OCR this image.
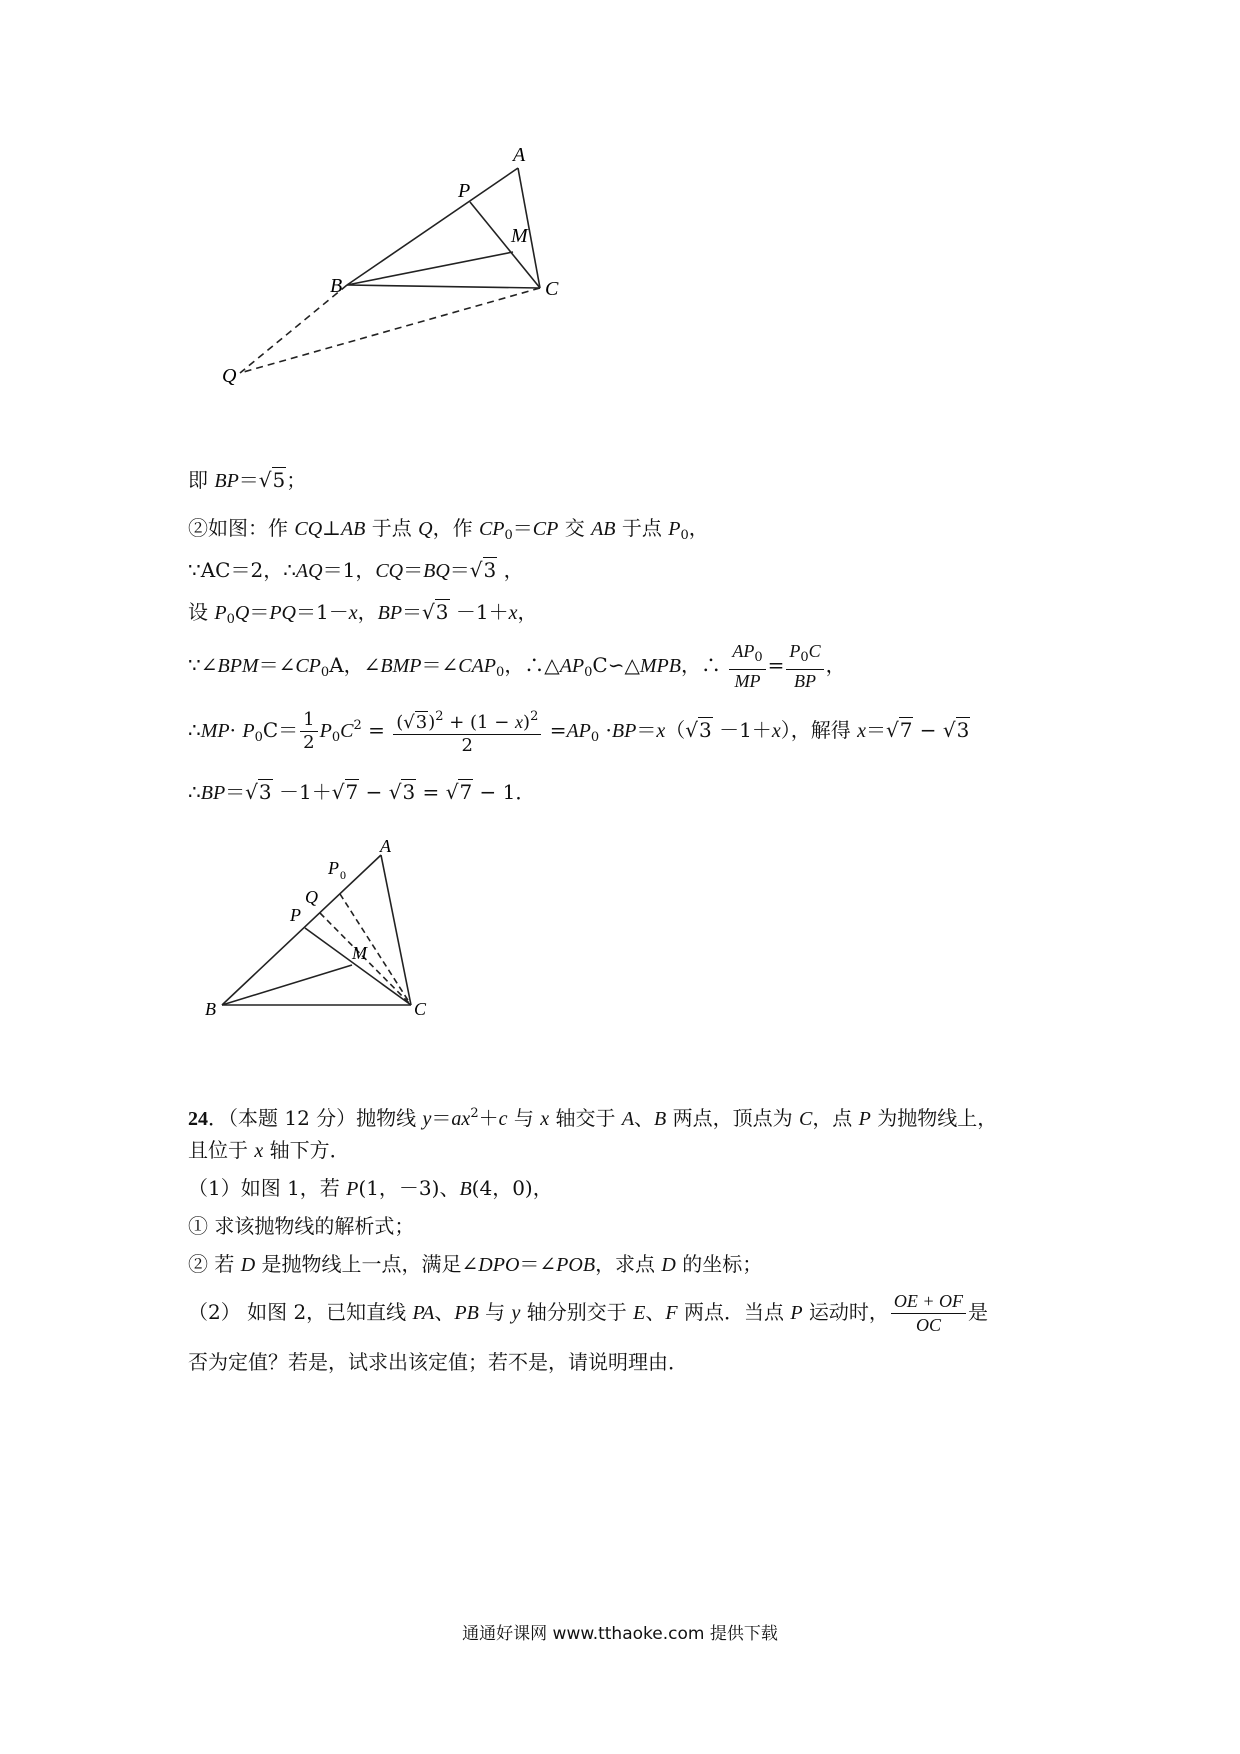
A
P
M
B	C
Q
即 BP＝√5；
②如图：作 CQ⊥AB 于点 Q，作 $CP_0=CP$ 交 AB 于点 $P_0$，
∵AC＝2，∴AQ＝1，CQ＝BQ＝√3 ，
设 $P_0Q=PQ=1-x$，BP＝√3 －1＋x，
$\because\angle BPM=\angle CP_0A$，$\angle BMP=\angle CAP_0$，$\therefore\triangle AP_0C∽\triangle MPB$，∴ $\frac{AP_0}{MP} = \frac{P_0C}{BP}$ ，
∴MP· $P_0C= \frac{1}{2} P_0C^2 = \frac{(√3)^2 + (1 - x)^2}{2} =AP_0 \cdot BP=x(√3 -1+x)$，解得 x＝√7 − √3
∴BP＝√3 －1＋√7 − √3 = √7 − 1．
A
P 0
Q
P
M
B	C
24．（本题 12 分）抛物线 $y=ax^2+c$ 与 x 轴交于 A、B 两点，顶点为 C，点 P 为抛物线上，
且位于 x 轴下方．
（1）如图 1，若 P(1，－3)、B(4，0)，
① 求该抛物线的解析式；
② 若 D 是抛物线上一点，满足∠DPO＝∠POB，求点 D 的坐标；
（2） 如图 2，已知直线 PA、PB 与 y 轴分别交于 E、F 两点．当点 P 运动时， $\frac{OE + OF}{OC}$ 是
否为定值？若是，试求出该定值；若不是，请说明理由．
通通好课网 www.tthaoke.com 提供下载
